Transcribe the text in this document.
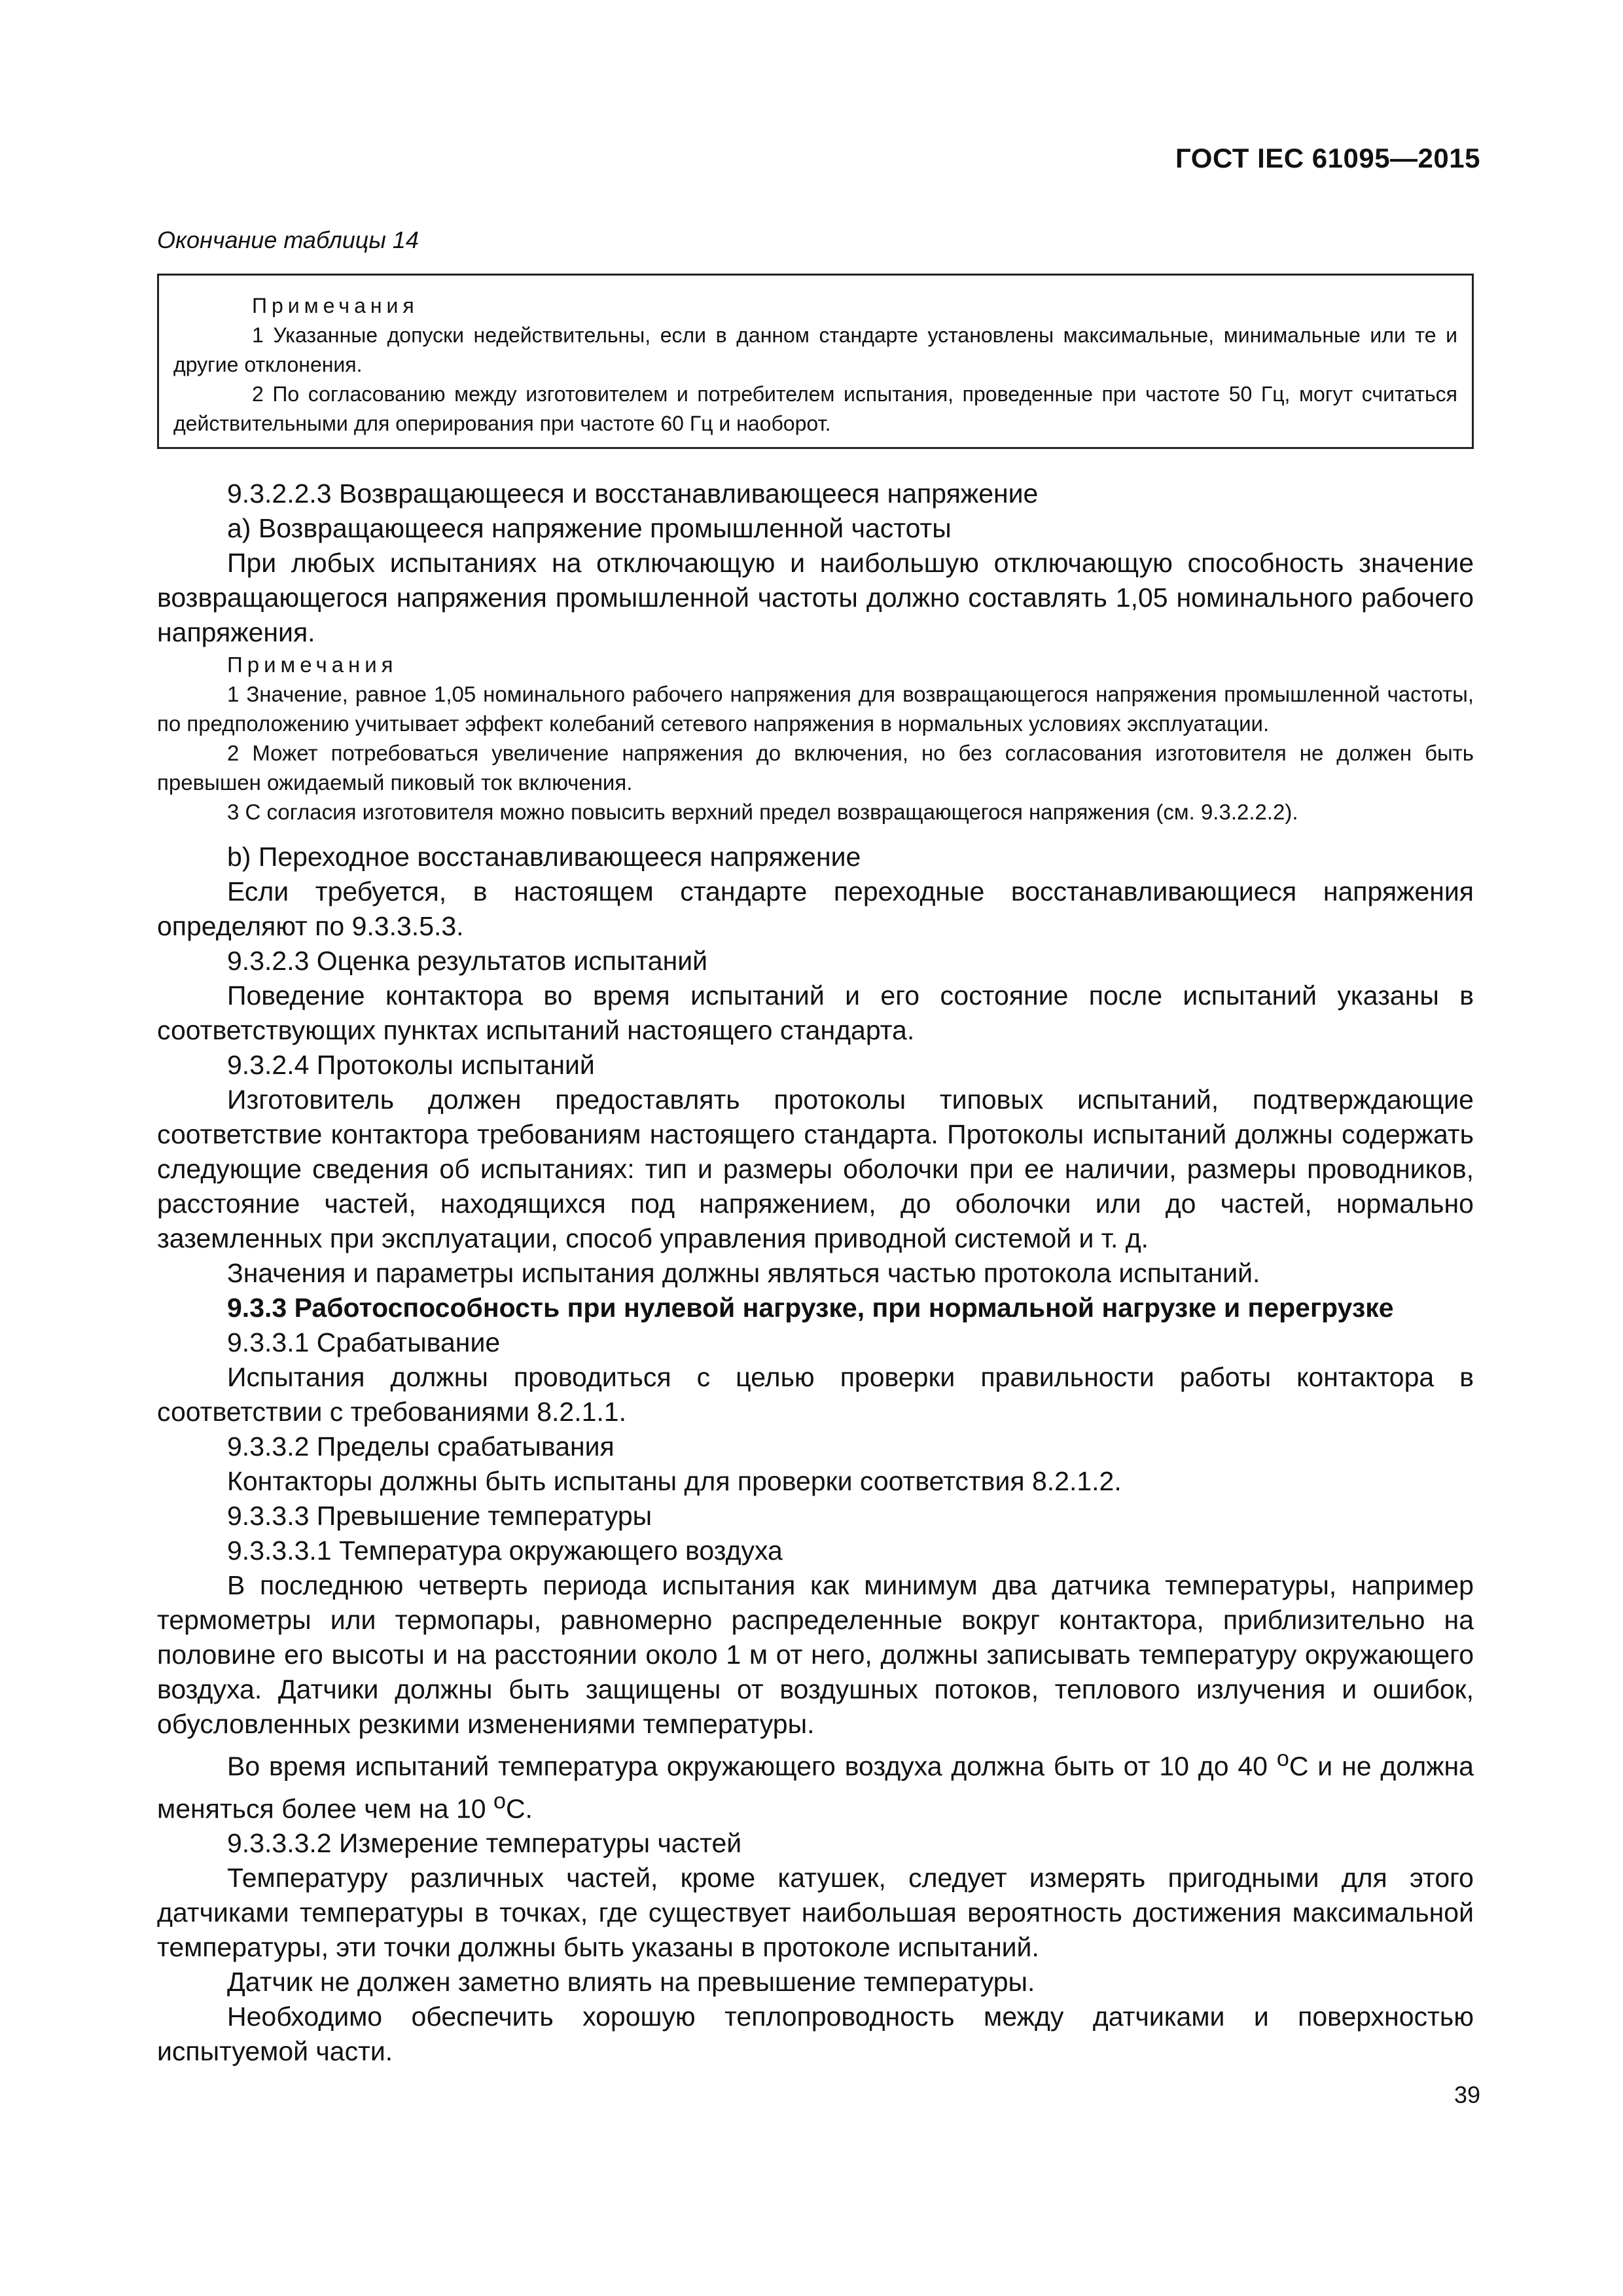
ГОСТ IEC 61095—2015
Окончание таблицы 14
Примечания
1 Указанные допуски недействительны, если в данном стандарте установлены максимальные, минимальные или те и другие отклонения.
2 По согласованию между изготовителем и потребителем испытания, проведенные при частоте 50 Гц, могут считаться действительными для оперирования при частоте 60 Гц и наоборот.

9.3.2.2.3 Возвращающееся и восстанавливающееся напряжение

a) Возвращающееся напряжение промышленной частоты

При любых испытаниях на отключающую и наибольшую отключающую способность значение возвращающегося напряжения промышленной частоты должно составлять 1,05 номинального рабочего напряжения.

Примечания

1 Значение, равное 1,05 номинального рабочего напряжения для возвращающегося напряжения промышленной частоты, по предположению учитывает эффект колебаний сетевого напряжения в нормальных условиях эксплуатации.

2 Может потребоваться увеличение напряжения до включения, но без согласования изготовителя не должен быть превышен ожидаемый пиковый ток включения.

3 С согласия изготовителя можно повысить верхний предел возвращающегося напряжения (см. 9.3.2.2.2).

b) Переходное восстанавливающееся напряжение

Если требуется, в настоящем стандарте переходные восстанавливающиеся напряжения определяют по 9.3.3.5.3.

9.3.2.3 Оценка результатов испытаний

Поведение контактора во время испытаний и его состояние после испытаний указаны в соответствующих пунктах испытаний настоящего стандарта.

9.3.2.4 Протоколы испытаний

Изготовитель должен предоставлять протоколы типовых испытаний, подтверждающие соответствие контактора требованиям настоящего стандарта. Протоколы испытаний должны содержать следующие сведения об испытаниях: тип и размеры оболочки при ее наличии, размеры проводников, расстояние частей, находящихся под напряжением, до оболочки или до частей, нормально заземленных при эксплуатации, способ управления приводной системой и т. д.

Значения и параметры испытания должны являться частью протокола испытаний.

9.3.3 Работоспособность при нулевой нагрузке, при нормальной нагрузке и перегрузке

9.3.3.1 Срабатывание

Испытания должны проводиться с целью проверки правильности работы контактора в соответствии с требованиями 8.2.1.1.

9.3.3.2 Пределы срабатывания

Контакторы должны быть испытаны для проверки соответствия 8.2.1.2.

9.3.3.3 Превышение температуры

9.3.3.3.1 Температура окружающего воздуха

В последнюю четверть периода испытания как минимум два датчика температуры, например термометры или термопары, равномерно распределенные вокруг контактора, приблизительно на половине его высоты и на расстоянии около 1 м от него, должны записывать температуру окружающего воздуха. Датчики должны быть защищены от воздушных потоков, теплового излучения и ошибок, обусловленных резкими изменениями температуры.

Во время испытаний температура окружающего воздуха должна быть от 10 до 40 $^о$С и не должна меняться более чем на 10 $^о$С.

9.3.3.3.2 Измерение температуры частей

Температуру различных частей, кроме катушек, следует измерять пригодными для этого датчиками температуры в точках, где существует наибольшая вероятность достижения максимальной температуры, эти точки должны быть указаны в протоколе испытаний.

Датчик не должен заметно влиять на превышение температуры.

Необходимо обеспечить хорошую теплопроводность между датчиками и поверхностью испытуемой части.

39
